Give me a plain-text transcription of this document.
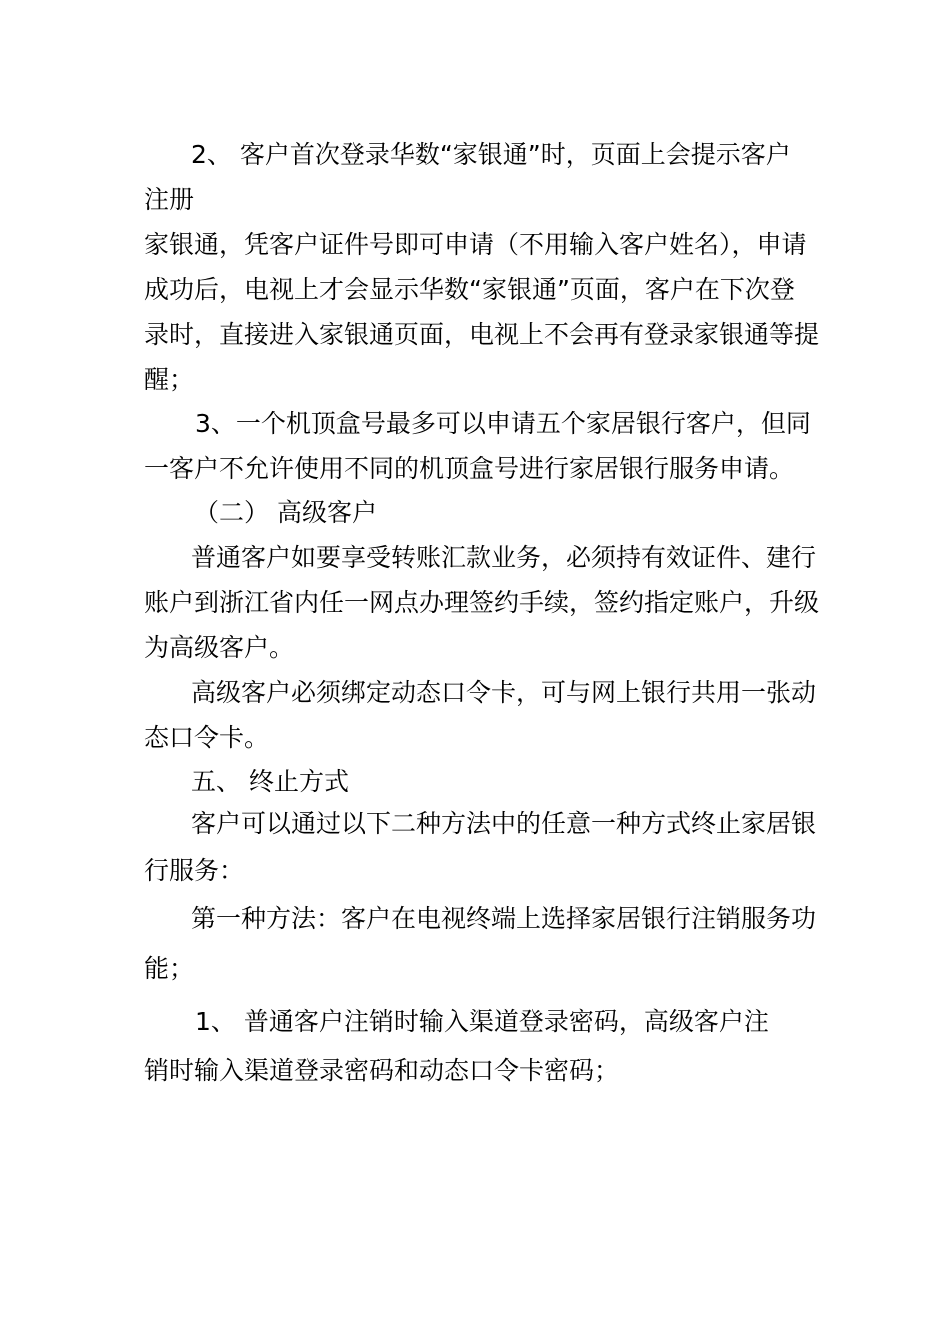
2、 客户首次登录华数“家银通”时，页面上会提示客户
注册
家银通，凭客户证件号即可申请（不用输入客户姓名），申请
成功后，电视上才会显示华数“家银通”页面，客户在下次登
录时，直接进入家银通页面，电视上不会再有登录家银通等提
醒；
3、一个机顶盒号最多可以申请五个家居银行客户，但同
一客户不允许使用不同的机顶盒号进行家居银行服务申请。
（二） 高级客户
普通客户如要享受转账汇款业务，必须持有效证件、建行
账户到浙江省内任一网点办理签约手续，签约指定账户，升级
为高级客户。
高级客户必须绑定动态口令卡，可与网上银行共用一张动
态口令卡。
五、 终止方式
客户可以通过以下二种方法中的任意一种方式终止家居银
行服务：
第一种方法：客户在电视终端上选择家居银行注销服务功
能；
1、 普通客户注销时输入渠道登录密码，高级客户注
销时输入渠道登录密码和动态口令卡密码；
